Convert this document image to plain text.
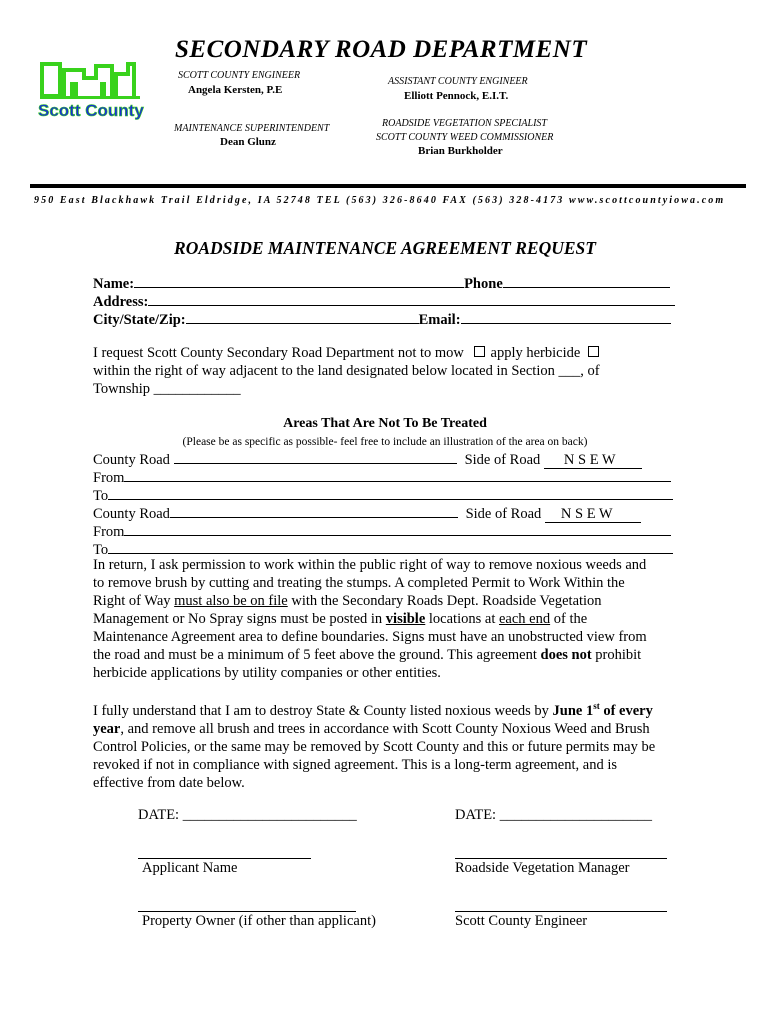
Scott County
SECONDARY ROAD DEPARTMENT
SCOTT COUNTY ENGINEER
Angela Kersten, P.E
ASSISTANT COUNTY ENGINEER
Elliott Pennock, E.I.T.
MAINTENANCE SUPERINTENDENT
Dean Glunz
ROADSIDE VEGETATION SPECIALIST
SCOTT COUNTY WEED COMMISSIONER
Brian Burkholder
950 East Blackhawk Trail Eldridge, IA 52748 TEL (563) 326-8640 FAX (563) 328-4173 www.scottcountyiowa.com
ROADSIDE MAINTENANCE AGREEMENT REQUEST
Name:	Phone
Address:
City/State/Zip:	Email:
I request Scott County Secondary Road Department not to mow apply herbicide
within the right of way adjacent to the land designated below located in Section ___, of
Township ____________
Areas That Are Not To Be Treated
(Please be as specific as possible- feel free to include an illustration of the area on back)
County Road	Side of Road N S E W
From
To
County Road	Side of Road N S E W
From
To
In return, I ask permission to work within the public right of way to remove noxious weeds and
to remove brush by cutting and treating the stumps. A completed Permit to Work Within the
Right of Way must also be on file with the Secondary Roads Dept. Roadside Vegetation
Management or No Spray signs must be posted in visible locations at each end of the
Maintenance Agreement area to define boundaries. Signs must have an unobstructed view from
the road and must be a minimum of 5 feet above the ground. This agreement does not prohibit
herbicide applications by utility companies or other entities.
I fully understand that I am to destroy State & County listed noxious weeds by June 1st of every
year, and remove all brush and trees in accordance with Scott County Noxious Weed and Brush
Control Policies, or the same may be removed by Scott County and this or future permits may be
revoked if not in compliance with signed agreement. This is a long-term agreement, and is
effective from date below.
DATE: ________________________	DATE: _____________________
Applicant Name	Roadside Vegetation Manager
Property Owner (if other than applicant)	Scott County Engineer
